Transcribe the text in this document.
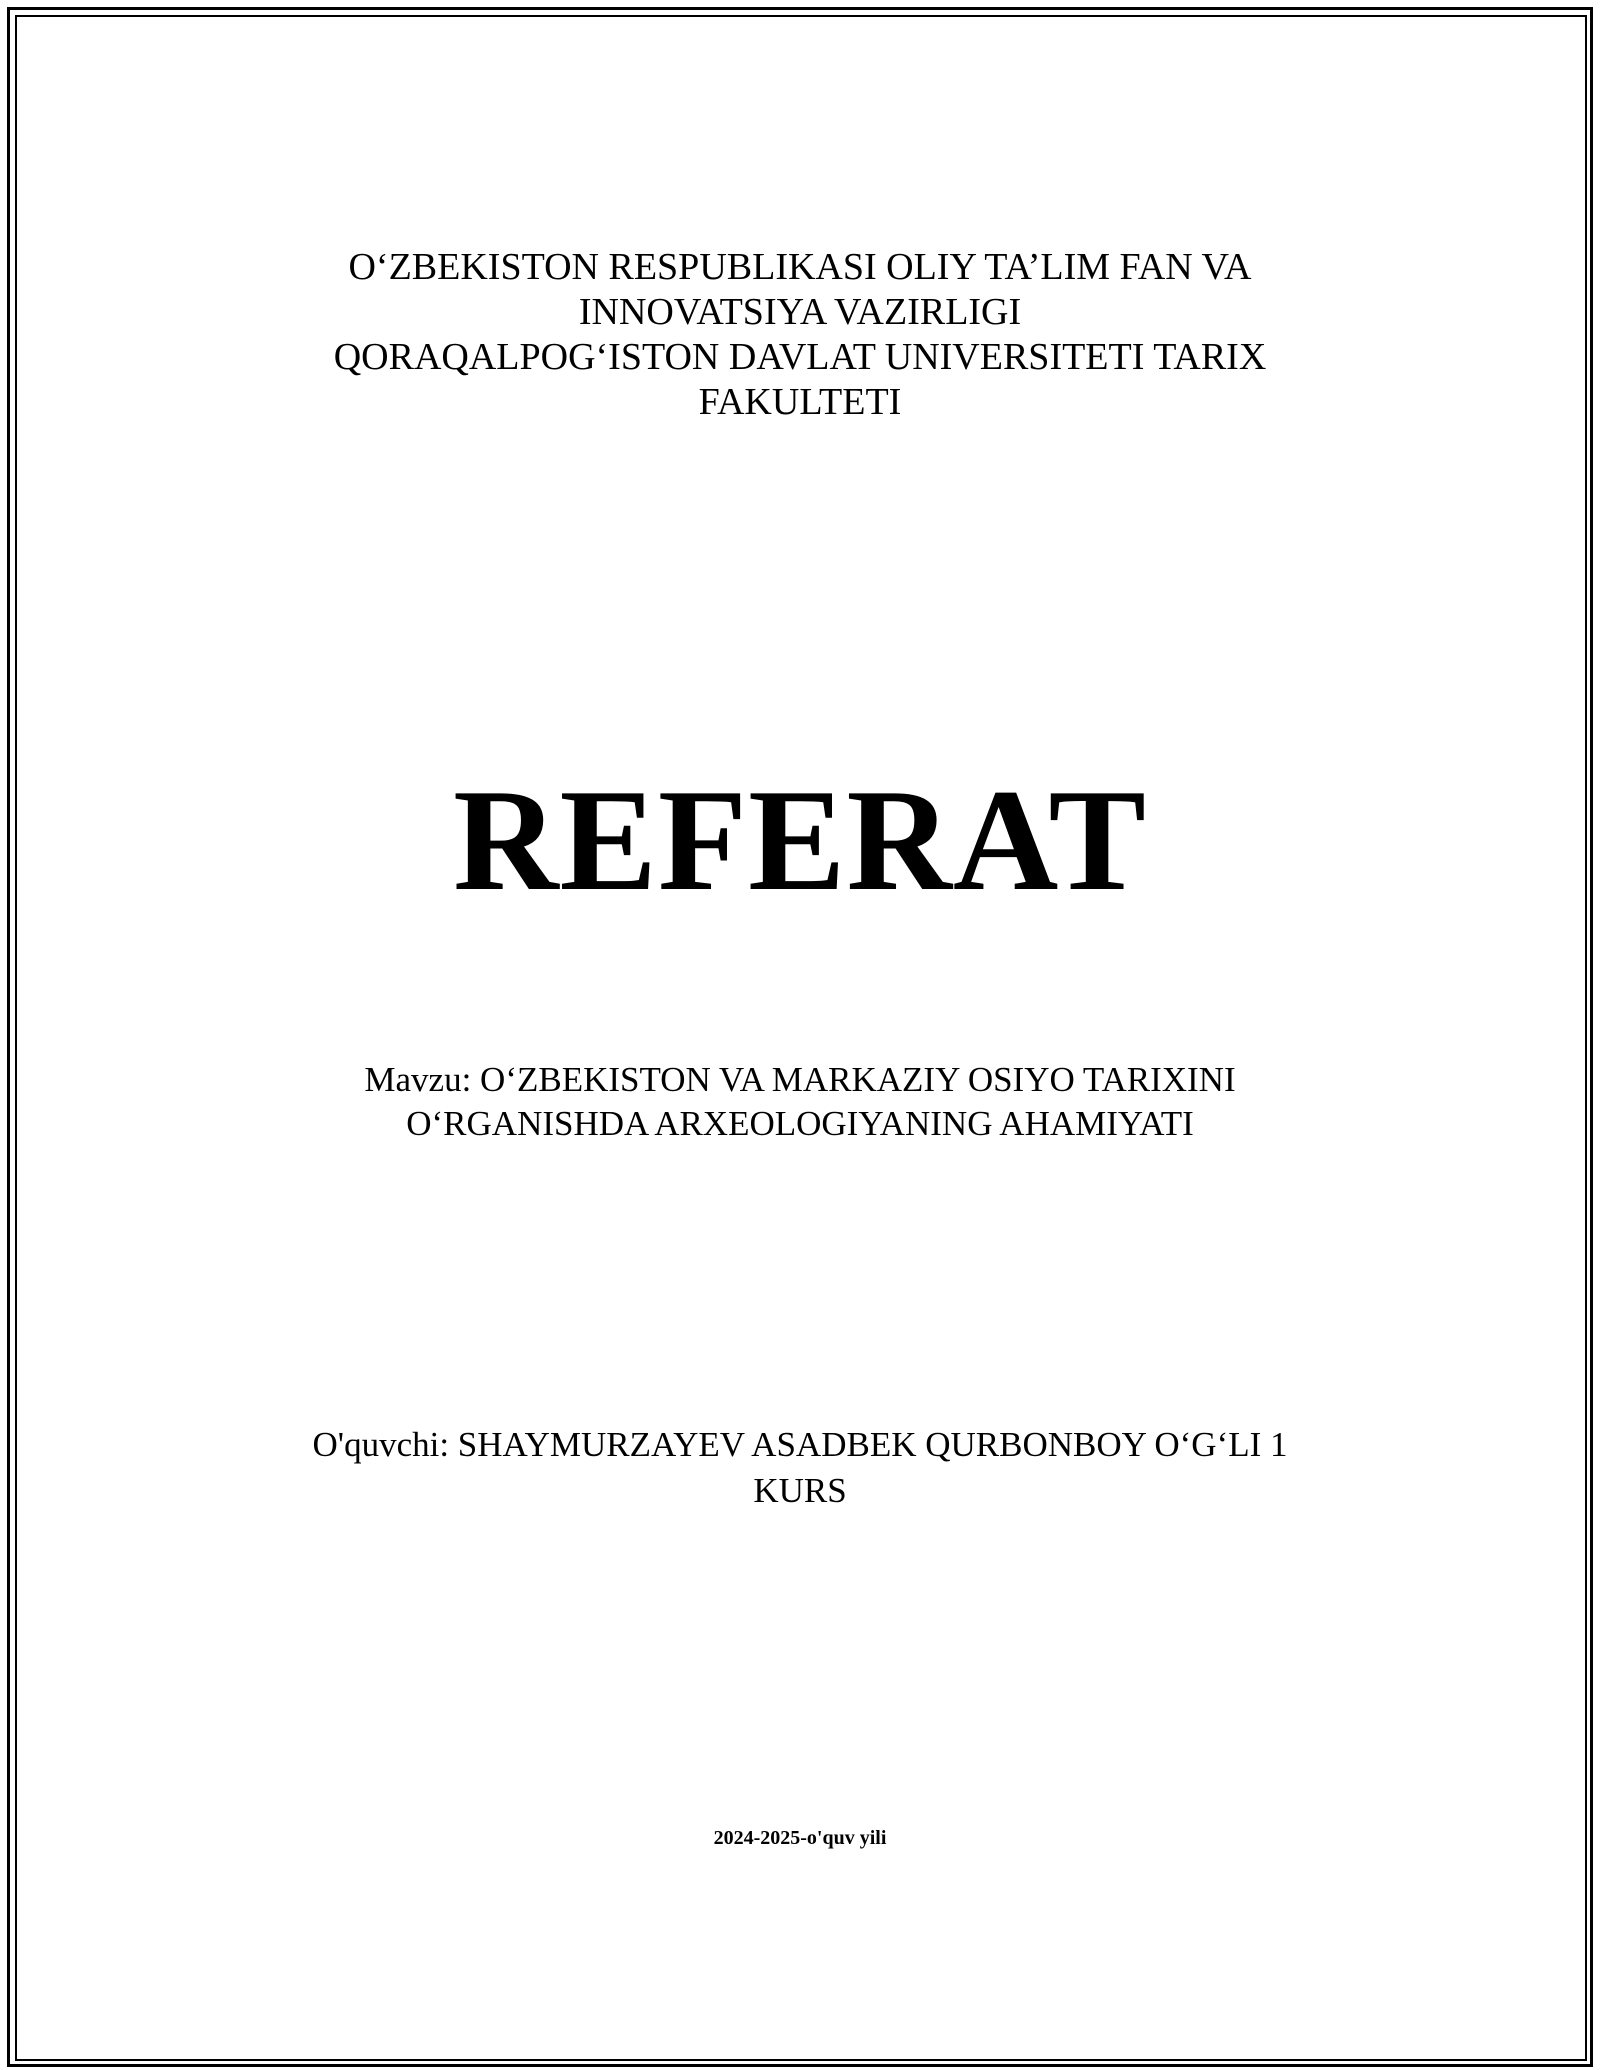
O‘ZBEKISTON RESPUBLIKASI OLIY TA’LIM FAN VA
INNOVATSIYA VAZIRLIGI
QORAQALPOG‘ISTON DAVLAT UNIVERSITETI TARIX
FAKULTETI
REFERAT
Mavzu: O‘ZBEKISTON VA MARKAZIY OSIYO TARIXINI
O‘RGANISHDA ARXEOLOGIYANING AHAMIYATI
O'quvchi: SHAYMURZAYEV ASADBEK QURBONBOY O‘G‘LI 1
KURS
2024-2025-o'quv yili
